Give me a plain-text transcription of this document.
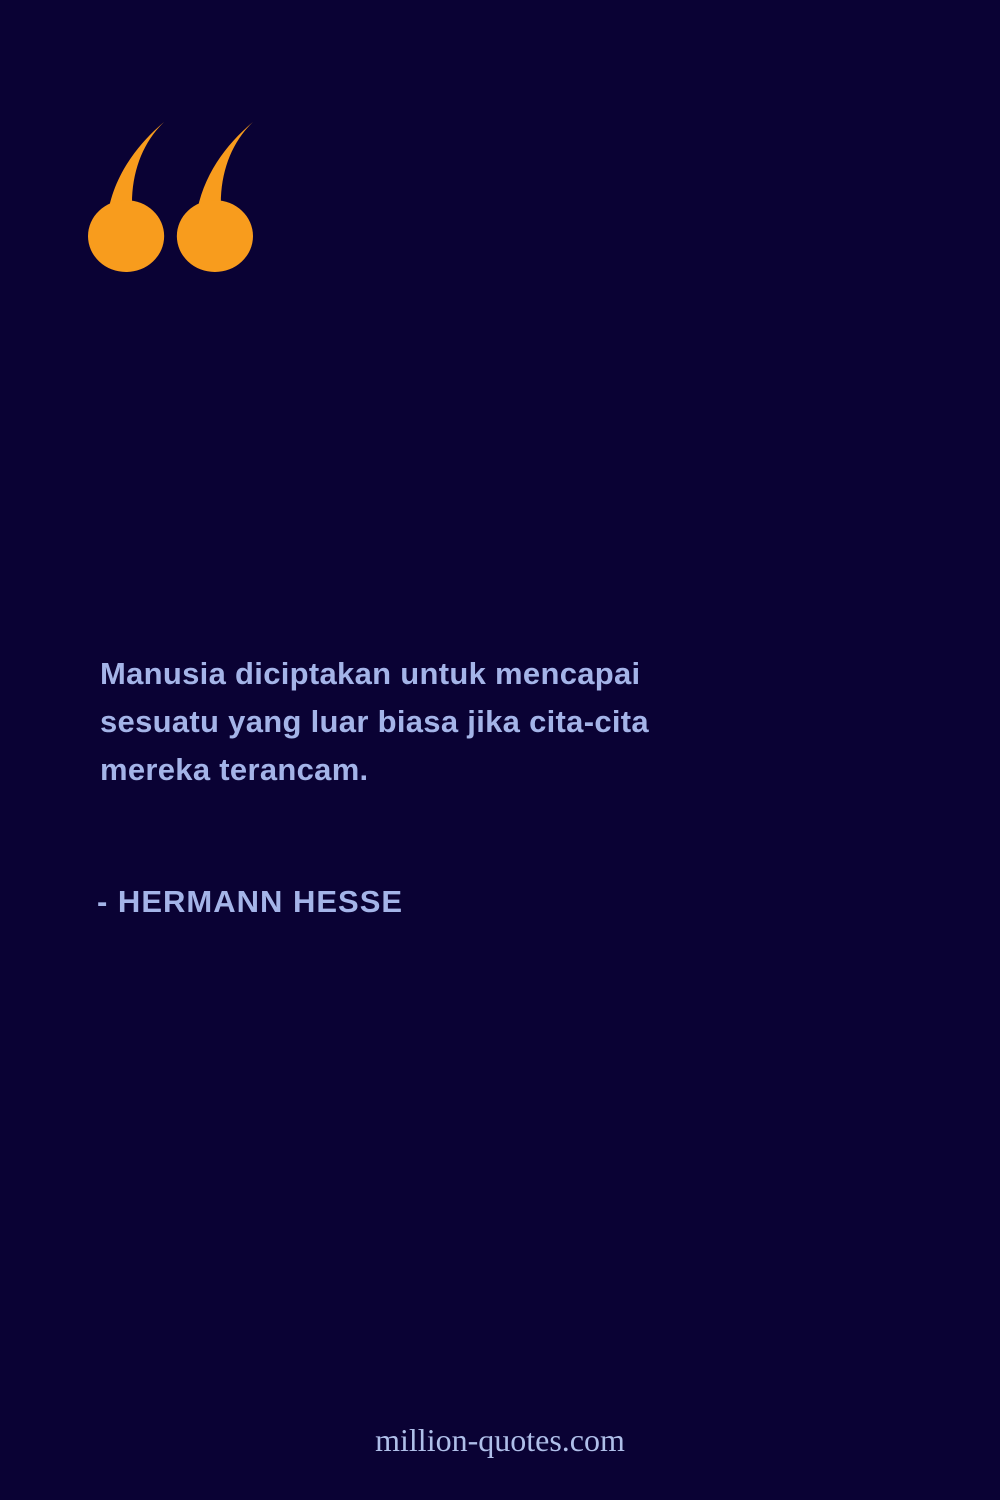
Manusia diciptakan untuk mencapai
sesuatu yang luar biasa jika cita-cita
mereka terancam.
- HERMANN HESSE
million-quotes.com
